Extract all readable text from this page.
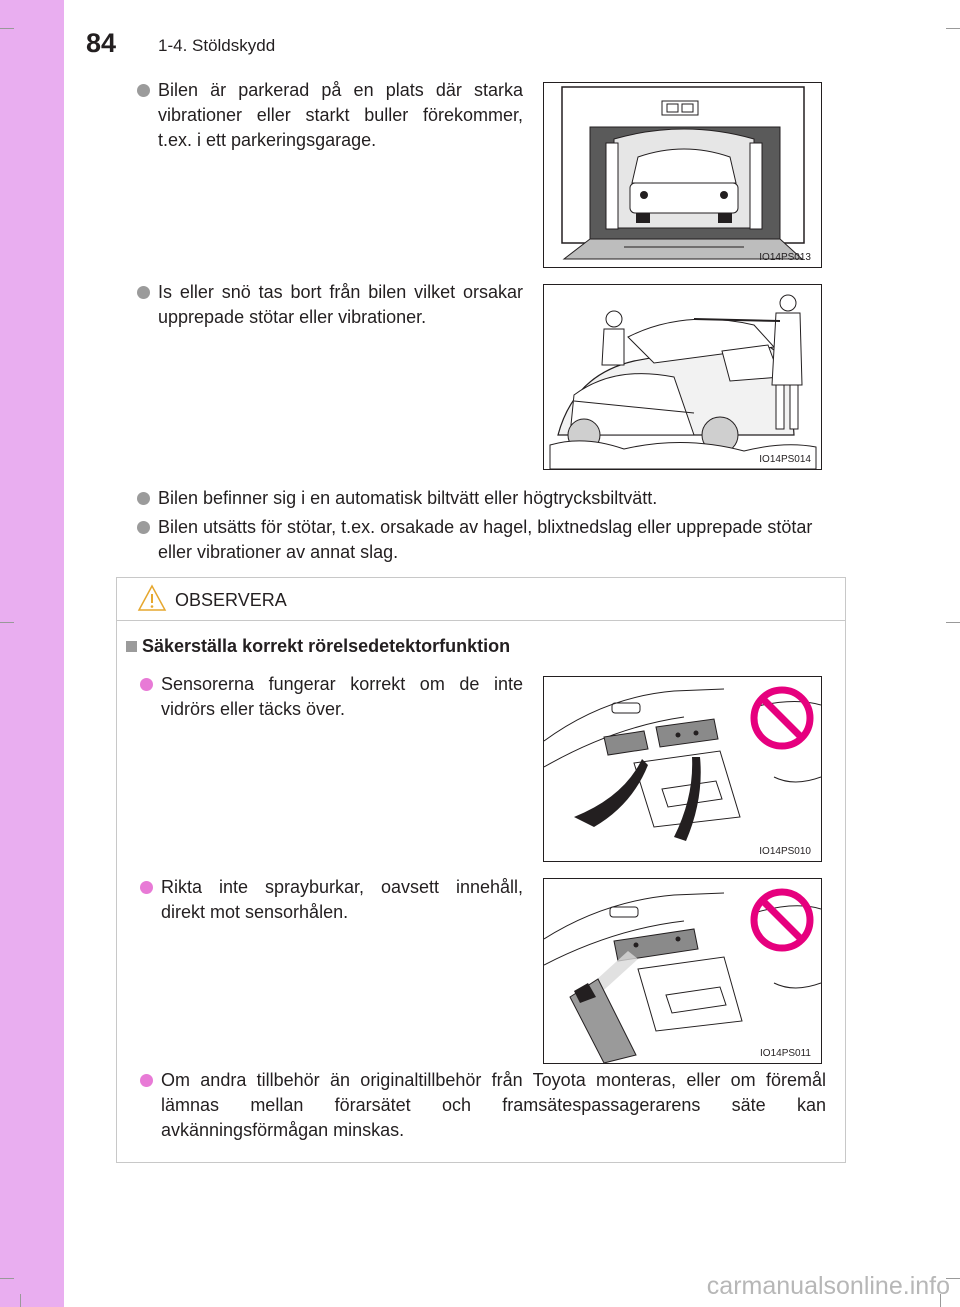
84 1-4. Stöldskydd
Bilen är parkerad på en plats där starka vibrationer eller starkt buller förekommer, t.ex. i ett parkeringsgarage.
IO14PS013
Is eller snö tas bort från bilen vilket orsakar upprepade stötar eller vibrationer.
IO14PS014
Bilen befinner sig i en automatisk biltvätt eller högtrycksbiltvätt.
Bilen utsätts för stötar, t.ex. orsakade av hagel, blixtnedslag eller upprepade stötar eller vibrationer av annat slag.
OBSERVERA
Säkerställa korrekt rörelsedetektorfunktion
Sensorerna fungerar korrekt om de inte vidrörs eller täcks över.
IO14PS010
Rikta inte sprayburkar, oavsett innehåll, direkt mot sensorhålen.
IO14PS011
Om andra tillbehör än originaltillbehör från Toyota monteras, eller om föremål lämnas mellan förarsätet och framsätespassagerarens säte kan avkänningsförmågan minskas.
carmanualsonline.info
